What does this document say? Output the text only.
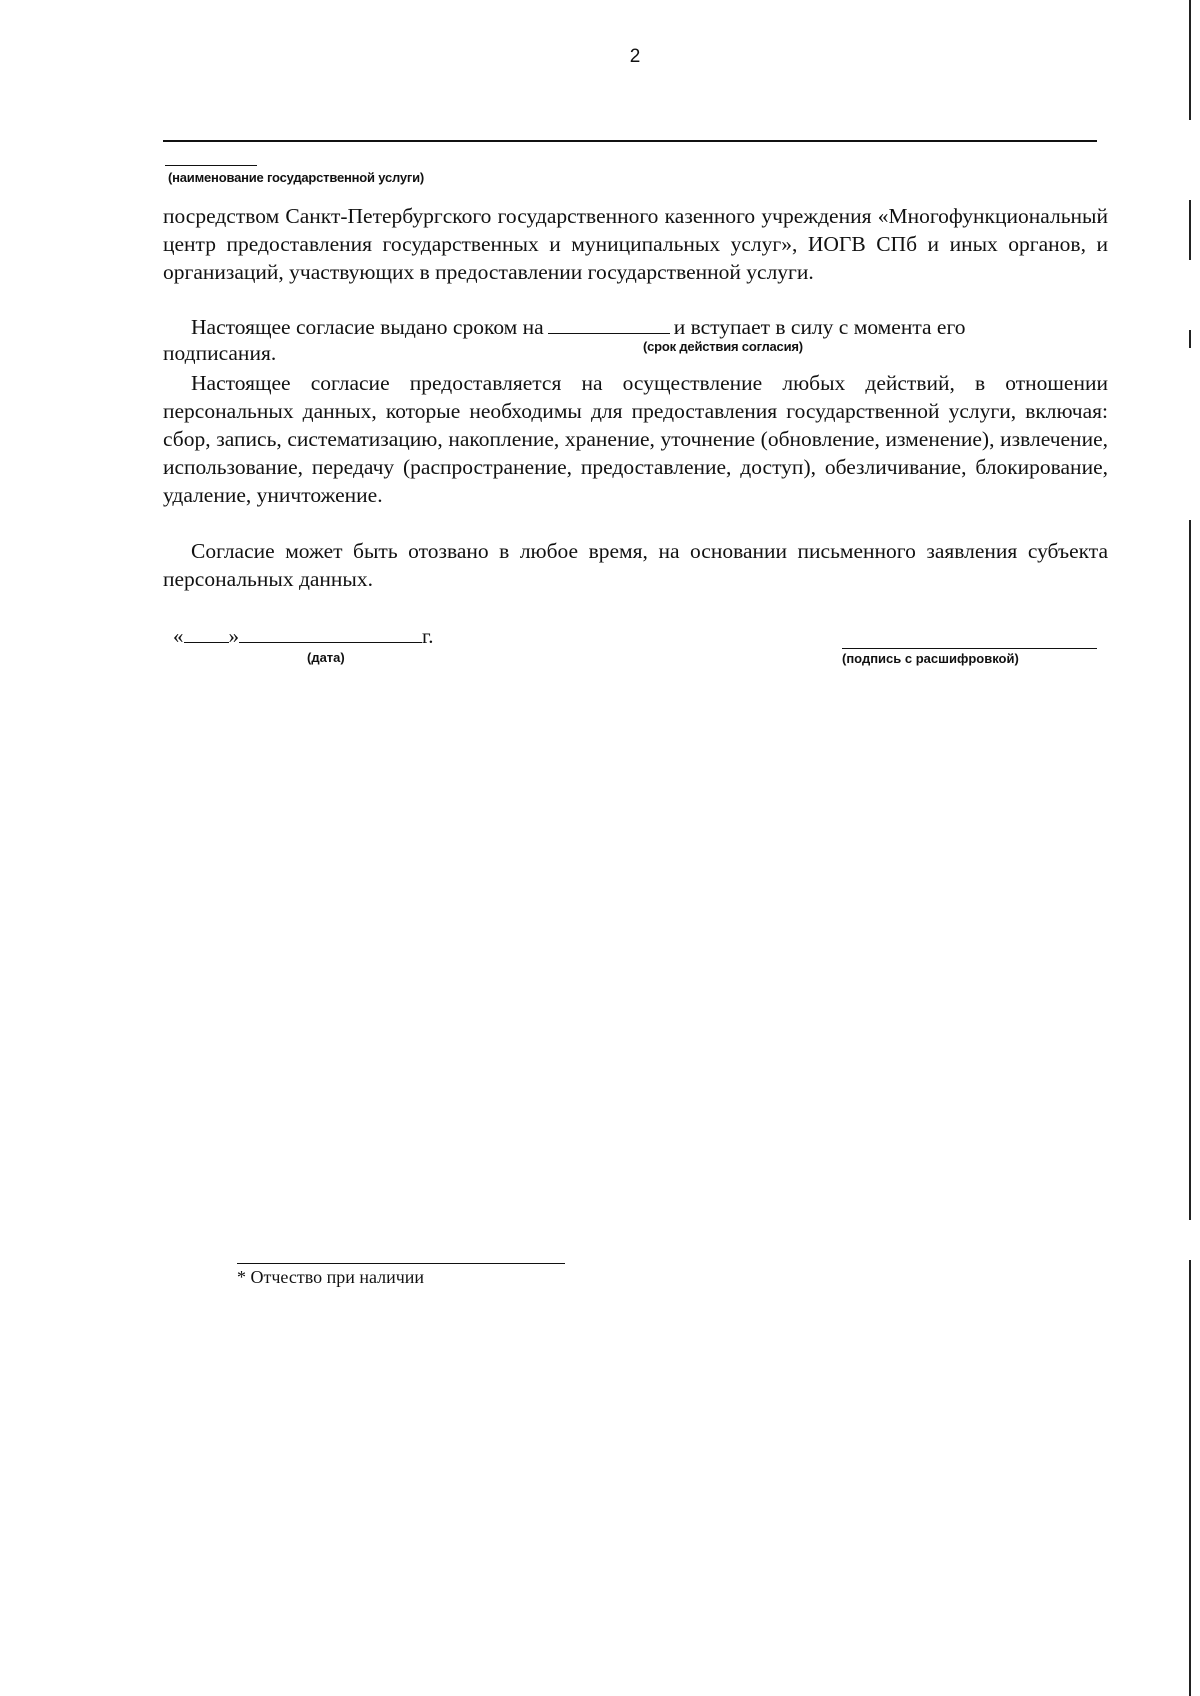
2
(наименование государственной услуги)

посредством Санкт-Петербургского государственного казенного учреждения «Многофункциональный центр предоставления государственных и муниципальных услуг», ИОГВ СПб и иных органов, и организаций, участвующих в предоставлении государственной услуги.

Настоящее согласие выдано сроком на	и вступает в силу с момента его
(срок действия согласия)
подписания.

Настоящее согласие предоставляется на осуществление любых действий, в отношении персональных данных, которые необходимы для предоставления государственной услуги, включая: сбор, запись, систематизацию, накопление, хранение, уточнение (обновление, изменение), извлечение, использование, передачу (распространение, предоставление, доступ), обезличивание, блокирование, удаление, уничтожение.

Согласие может быть отозвано в любое время, на основании письменного заявления субъекта персональных данных.

« »	г.
(дата)	(подпись с расшифровкой)
* Отчество при наличии
